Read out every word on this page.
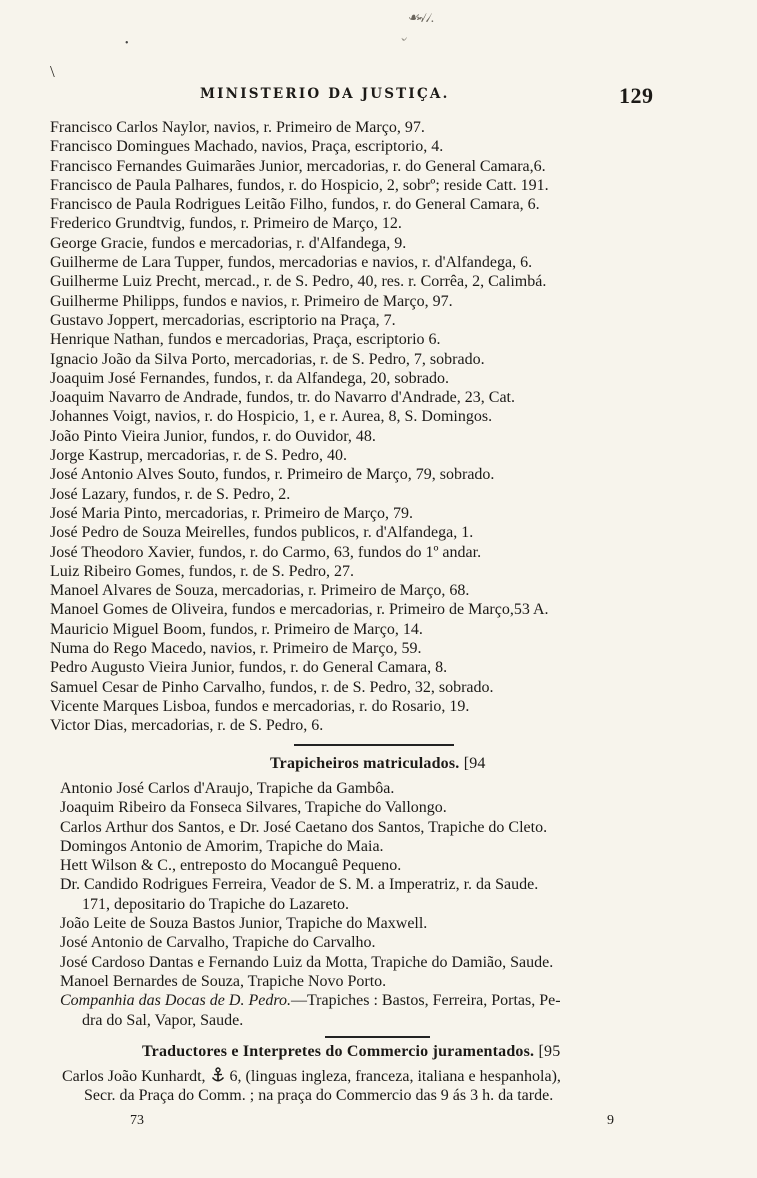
☙৵৴.
৺
\
•
MINISTERIO DA JUSTIÇA.	129
Francisco Carlos Naylor, navios, r. Primeiro de Março, 97.
Francisco Domingues Machado, navios, Praça, escriptorio, 4.
Francisco Fernandes Guimarães Junior, mercadorias, r. do General Camara,6.
Francisco de Paula Palhares, fundos, r. do Hospicio, 2, sobrº; reside Catt. 191.
Francisco de Paula Rodrigues Leitão Filho, fundos, r. do General Camara, 6.
Frederico Grundtvig, fundos, r. Primeiro de Março, 12.
George Gracie, fundos e mercadorias, r. d'Alfandega, 9.
Guilherme de Lara Tupper, fundos, mercadorias e navios, r. d'Alfandega, 6.
Guilherme Luiz Precht, mercad., r. de S. Pedro, 40, res. r. Corrêa, 2, Calimbá.
Guilherme Philipps, fundos e navios, r. Primeiro de Março, 97.
Gustavo Joppert, mercadorias, escriptorio na Praça, 7.
Henrique Nathan, fundos e mercadorias, Praça, escriptorio 6.
Ignacio João da Silva Porto, mercadorias, r. de S. Pedro, 7, sobrado.
Joaquim José Fernandes, fundos, r. da Alfandega, 20, sobrado.
Joaquim Navarro de Andrade, fundos, tr. do Navarro d'Andrade, 23, Cat.
Johannes Voigt, navios, r. do Hospicio, 1, e r. Aurea, 8, S. Domingos.
João Pinto Vieira Junior, fundos, r. do Ouvidor, 48.
Jorge Kastrup, mercadorias, r. de S. Pedro, 40.
José Antonio Alves Souto, fundos, r. Primeiro de Março, 79, sobrado.
José Lazary, fundos, r. de S. Pedro, 2.
José Maria Pinto, mercadorias, r. Primeiro de Março, 79.
José Pedro de Souza Meirelles, fundos publicos, r. d'Alfandega, 1.
José Theodoro Xavier, fundos, r. do Carmo, 63, fundos do 1º andar.
Luiz Ribeiro Gomes, fundos, r. de S. Pedro, 27.
Manoel Alvares de Souza, mercadorias, r. Primeiro de Março, 68.
Manoel Gomes de Oliveira, fundos e mercadorias, r. Primeiro de Março,53 A.
Mauricio Miguel Boom, fundos, r. Primeiro de Março, 14.
Numa do Rego Macedo, navios, r. Primeiro de Março, 59.
Pedro Augusto Vieira Junior, fundos, r. do General Camara, 8.
Samuel Cesar de Pinho Carvalho, fundos, r. de S. Pedro, 32, sobrado.
Vicente Marques Lisboa, fundos e mercadorias, r. do Rosario, 19.
Victor Dias, mercadorias, r. de S. Pedro, 6.
Trapicheiros matriculados. [94
Antonio José Carlos d'Araujo, Trapiche da Gambôa.
Joaquim Ribeiro da Fonseca Silvares, Trapiche do Vallongo.
Carlos Arthur dos Santos, e Dr. José Caetano dos Santos, Trapiche do Cleto.
Domingos Antonio de Amorim, Trapiche do Maia.
Hett Wilson & C., entreposto do Mocanguê Pequeno.
Dr. Candido Rodrigues Ferreira, Veador de S. M. a Imperatriz, r. da Saude.
171, depositario do Trapiche do Lazareto.
João Leite de Souza Bastos Junior, Trapiche do Maxwell.
José Antonio de Carvalho, Trapiche do Carvalho.
José Cardoso Dantas e Fernando Luiz da Motta, Trapiche do Damião, Saude.
Manoel Bernardes de Souza, Trapiche Novo Porto.
Companhia das Docas de D. Pedro.—Trapiches : Bastos, Ferreira, Portas, Pe-
dra do Sal, Vapor, Saude.
Traductores e Interpretes do Commercio juramentados. [95
Carlos João Kunhardt, 6, (linguas ingleza, franceza, italiana e hespanhola),
Secr. da Praça do Comm. ; na praça do Commercio das 9 ás 3 h. da tarde.
73	9
